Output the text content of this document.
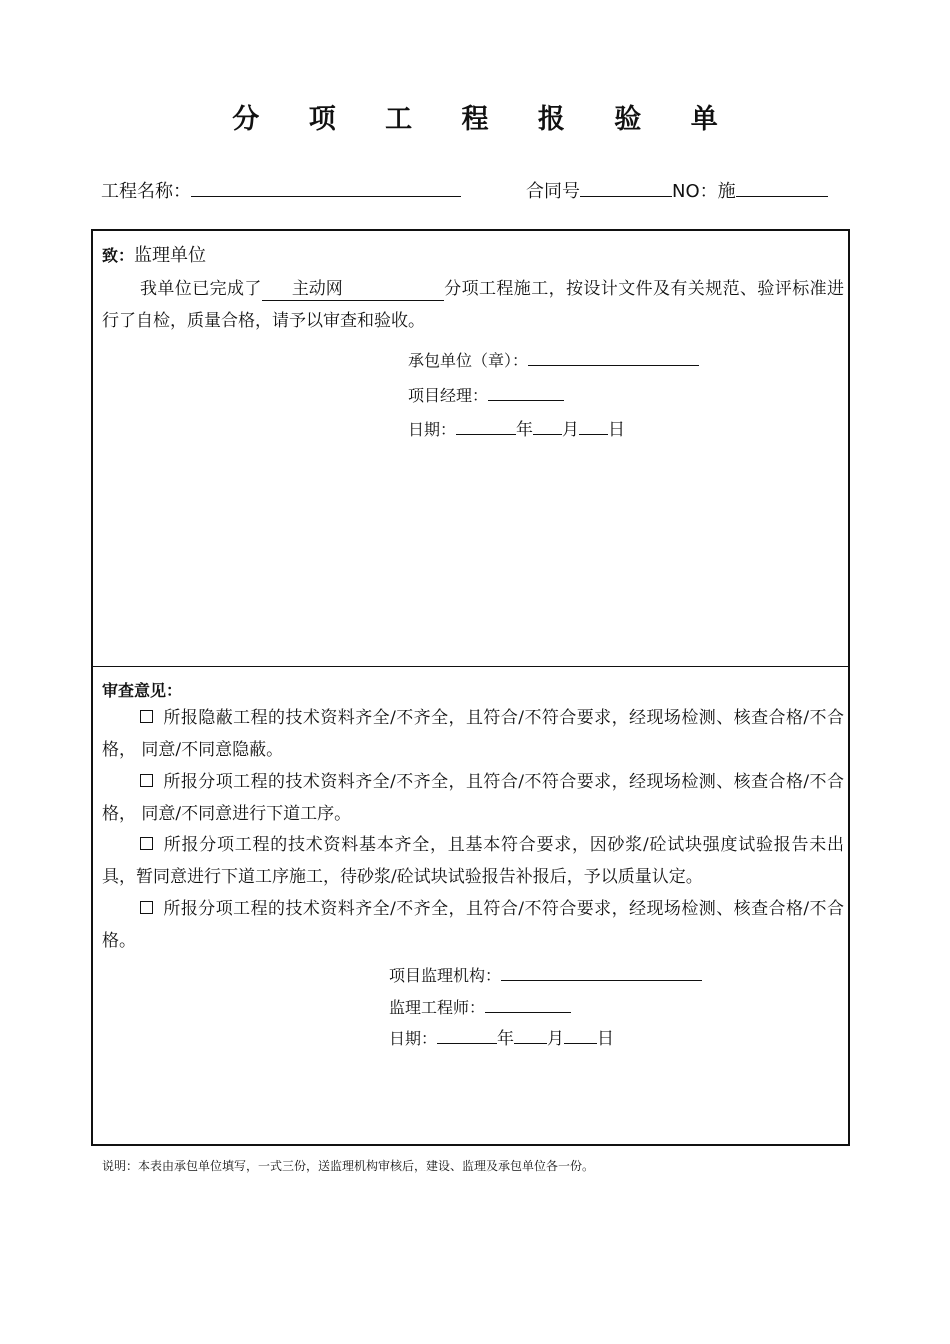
分 项 工 程 报 验 单
工程名称：	合同号	NO：施
致：监理单位
我单位已完成了 主动网	分项工程施工，按设计文件及有关规范、验评标准进行了自检，质量合格，请予以审查和验收。
承包单位（章）：
项目经理：
日期：	年 月 日
审查意见：
所报隐蔽工程的技术资料齐全/不齐全，且符合/不符合要求，经现场检测、核查合格/不合格， 同意/不同意隐蔽。
所报分项工程的技术资料齐全/不齐全，且符合/不符合要求，经现场检测、核查合格/不合格， 同意/不同意进行下道工序。
所报分项工程的技术资料基本齐全，且基本符合要求，因砂浆/砼试块强度试验报告未出具，暂同意进行下道工序施工，待砂浆/砼试块试验报告补报后，予以质量认定。
所报分项工程的技术资料齐全/不齐全，且符合/不符合要求，经现场检测、核查合格/不合格。
项目监理机构：
监理工程师：
日期：	年 月 日
说明：本表由承包单位填写，一式三份，送监理机构审核后，建设、监理及承包单位各一份。
